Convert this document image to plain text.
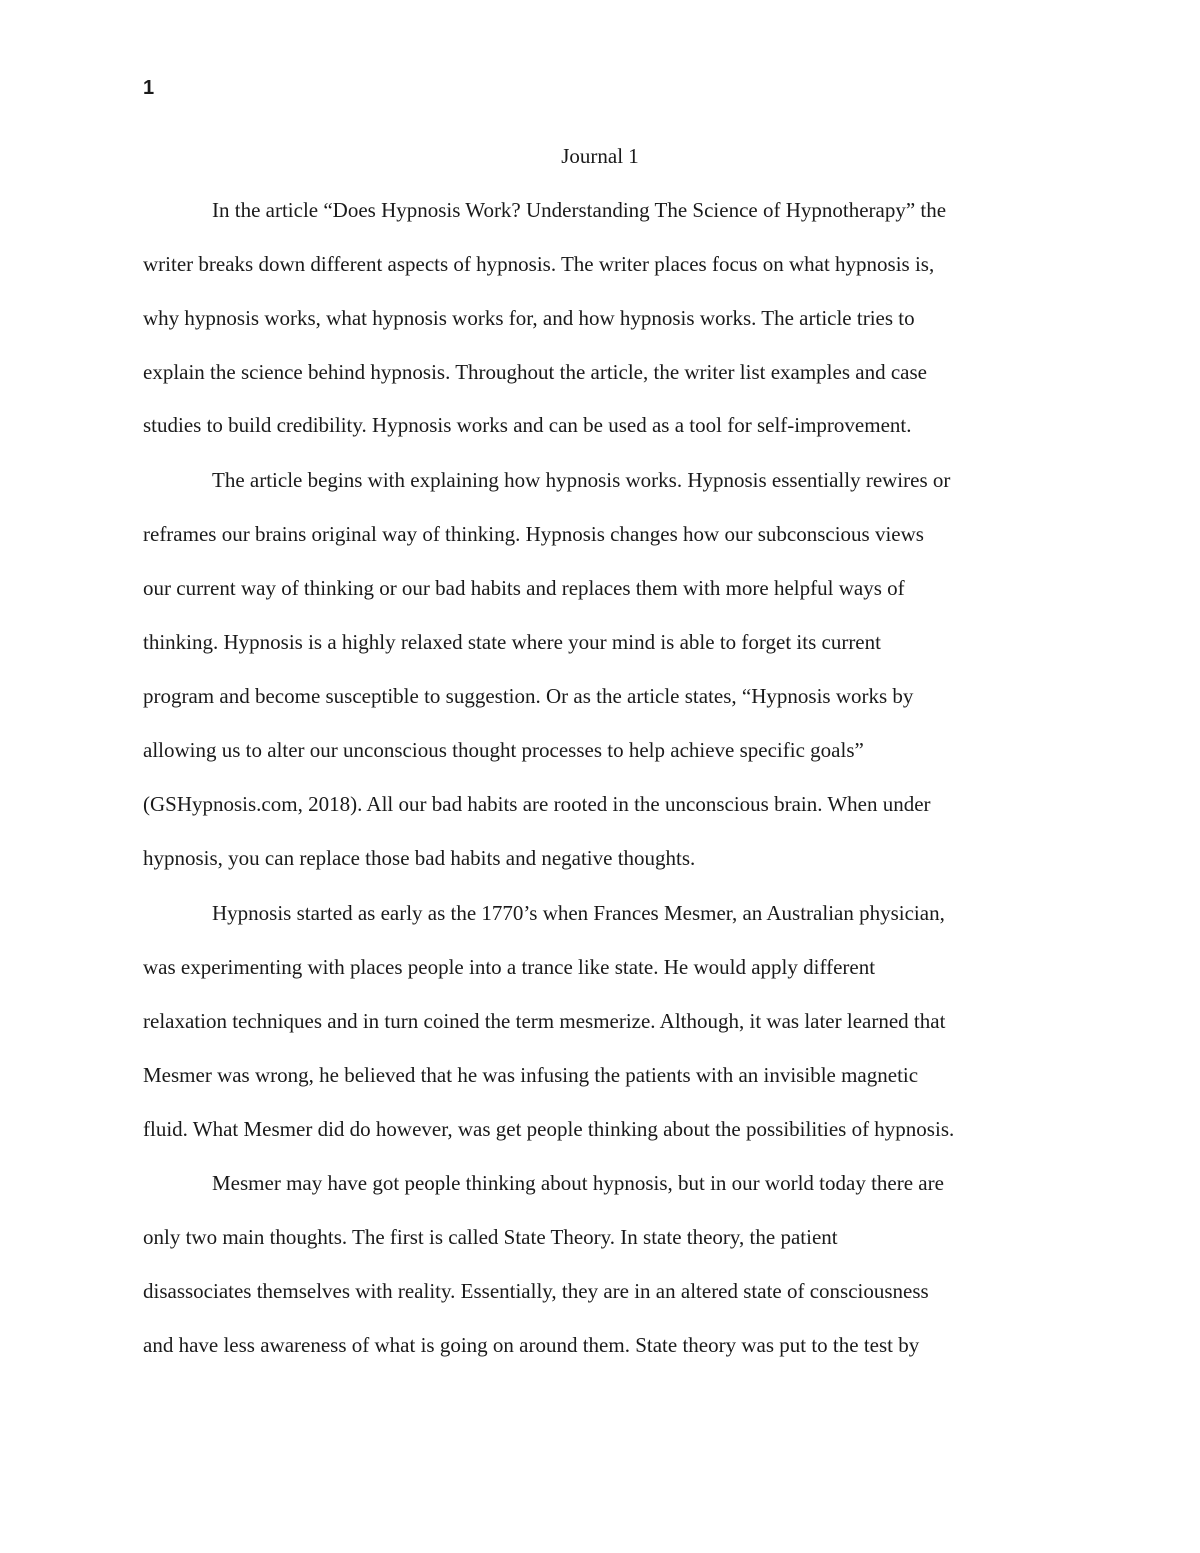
1
Journal 1
In the article “Does Hypnosis Work? Understanding The Science of Hypnotherapy” the
writer breaks down different aspects of hypnosis. The writer places focus on what hypnosis is,
why hypnosis works, what hypnosis works for, and how hypnosis works. The article tries to
explain the science behind hypnosis. Throughout the article, the writer list examples and case
studies to build credibility. Hypnosis works and can be used as a tool for self-improvement.
The article begins with explaining how hypnosis works. Hypnosis essentially rewires or
reframes our brains original way of thinking. Hypnosis changes how our subconscious views
our current way of thinking or our bad habits and replaces them with more helpful ways of
thinking. Hypnosis is a highly relaxed state where your mind is able to forget its current
program and become susceptible to suggestion. Or as the article states, “Hypnosis works by
allowing us to alter our unconscious thought processes to help achieve specific goals”
(GSHypnosis.com, 2018). All our bad habits are rooted in the unconscious brain. When under
hypnosis, you can replace those bad habits and negative thoughts.
Hypnosis started as early as the 1770’s when Frances Mesmer, an Australian physician,
was experimenting with places people into a trance like state. He would apply different
relaxation techniques and in turn coined the term mesmerize. Although, it was later learned that
Mesmer was wrong, he believed that he was infusing the patients with an invisible magnetic
fluid. What Mesmer did do however, was get people thinking about the possibilities of hypnosis.
Mesmer may have got people thinking about hypnosis, but in our world today there are
only two main thoughts. The first is called State Theory. In state theory, the patient
disassociates themselves with reality. Essentially, they are in an altered state of consciousness
and have less awareness of what is going on around them. State theory was put to the test by
